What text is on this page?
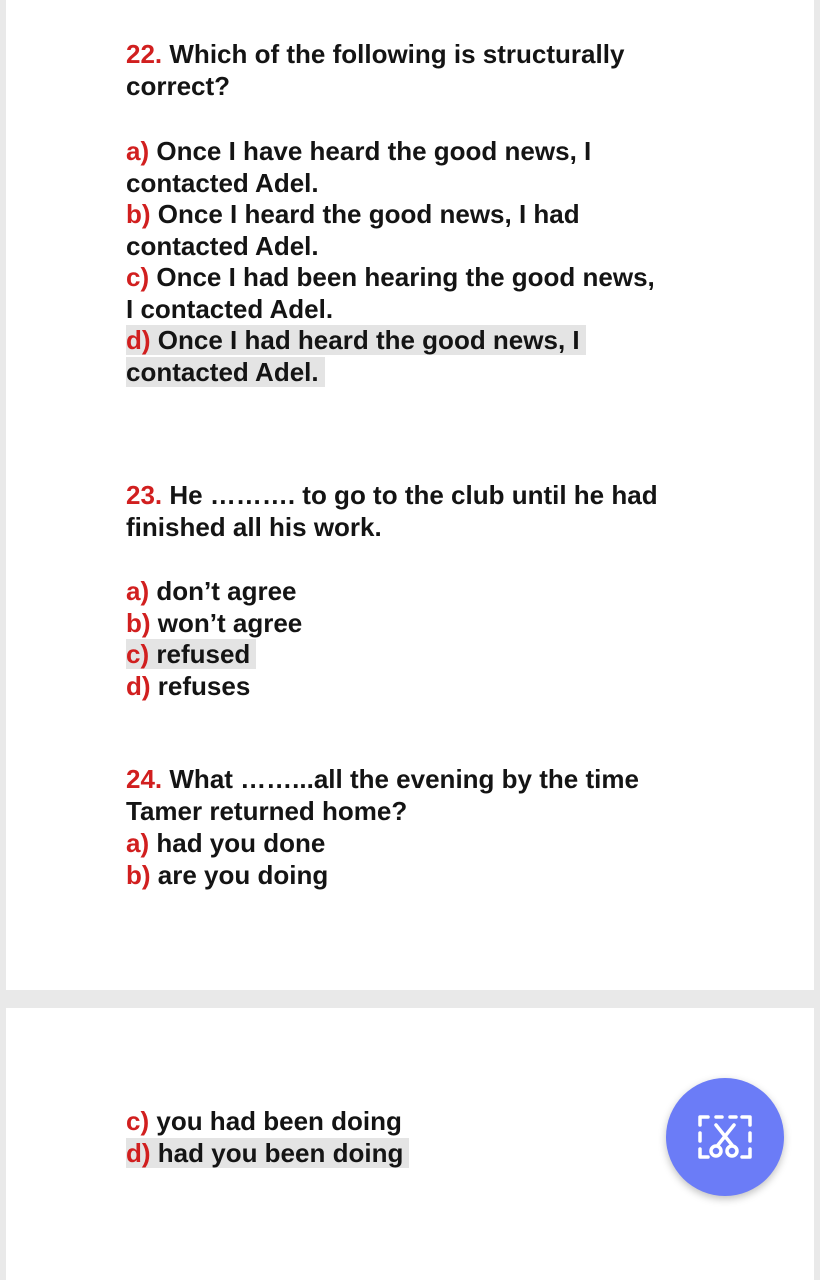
22. Which of the following is structurally
correct?
a) Once I have heard the good news, I
contacted Adel.
b) Once I heard the good news, I had
contacted Adel.
c) Once I had been hearing the good news,
I contacted Adel.
d) Once I had heard the good news, I
contacted Adel.
23. He ………. to go to the club until he had
finished all his work.
a) don’t agree
b) won’t agree
c) refused
d) refuses
24. What ……...all the evening by the time
Tamer returned home?
a) had you done
b) are you doing
c) you had been doing
d) had you been doing
